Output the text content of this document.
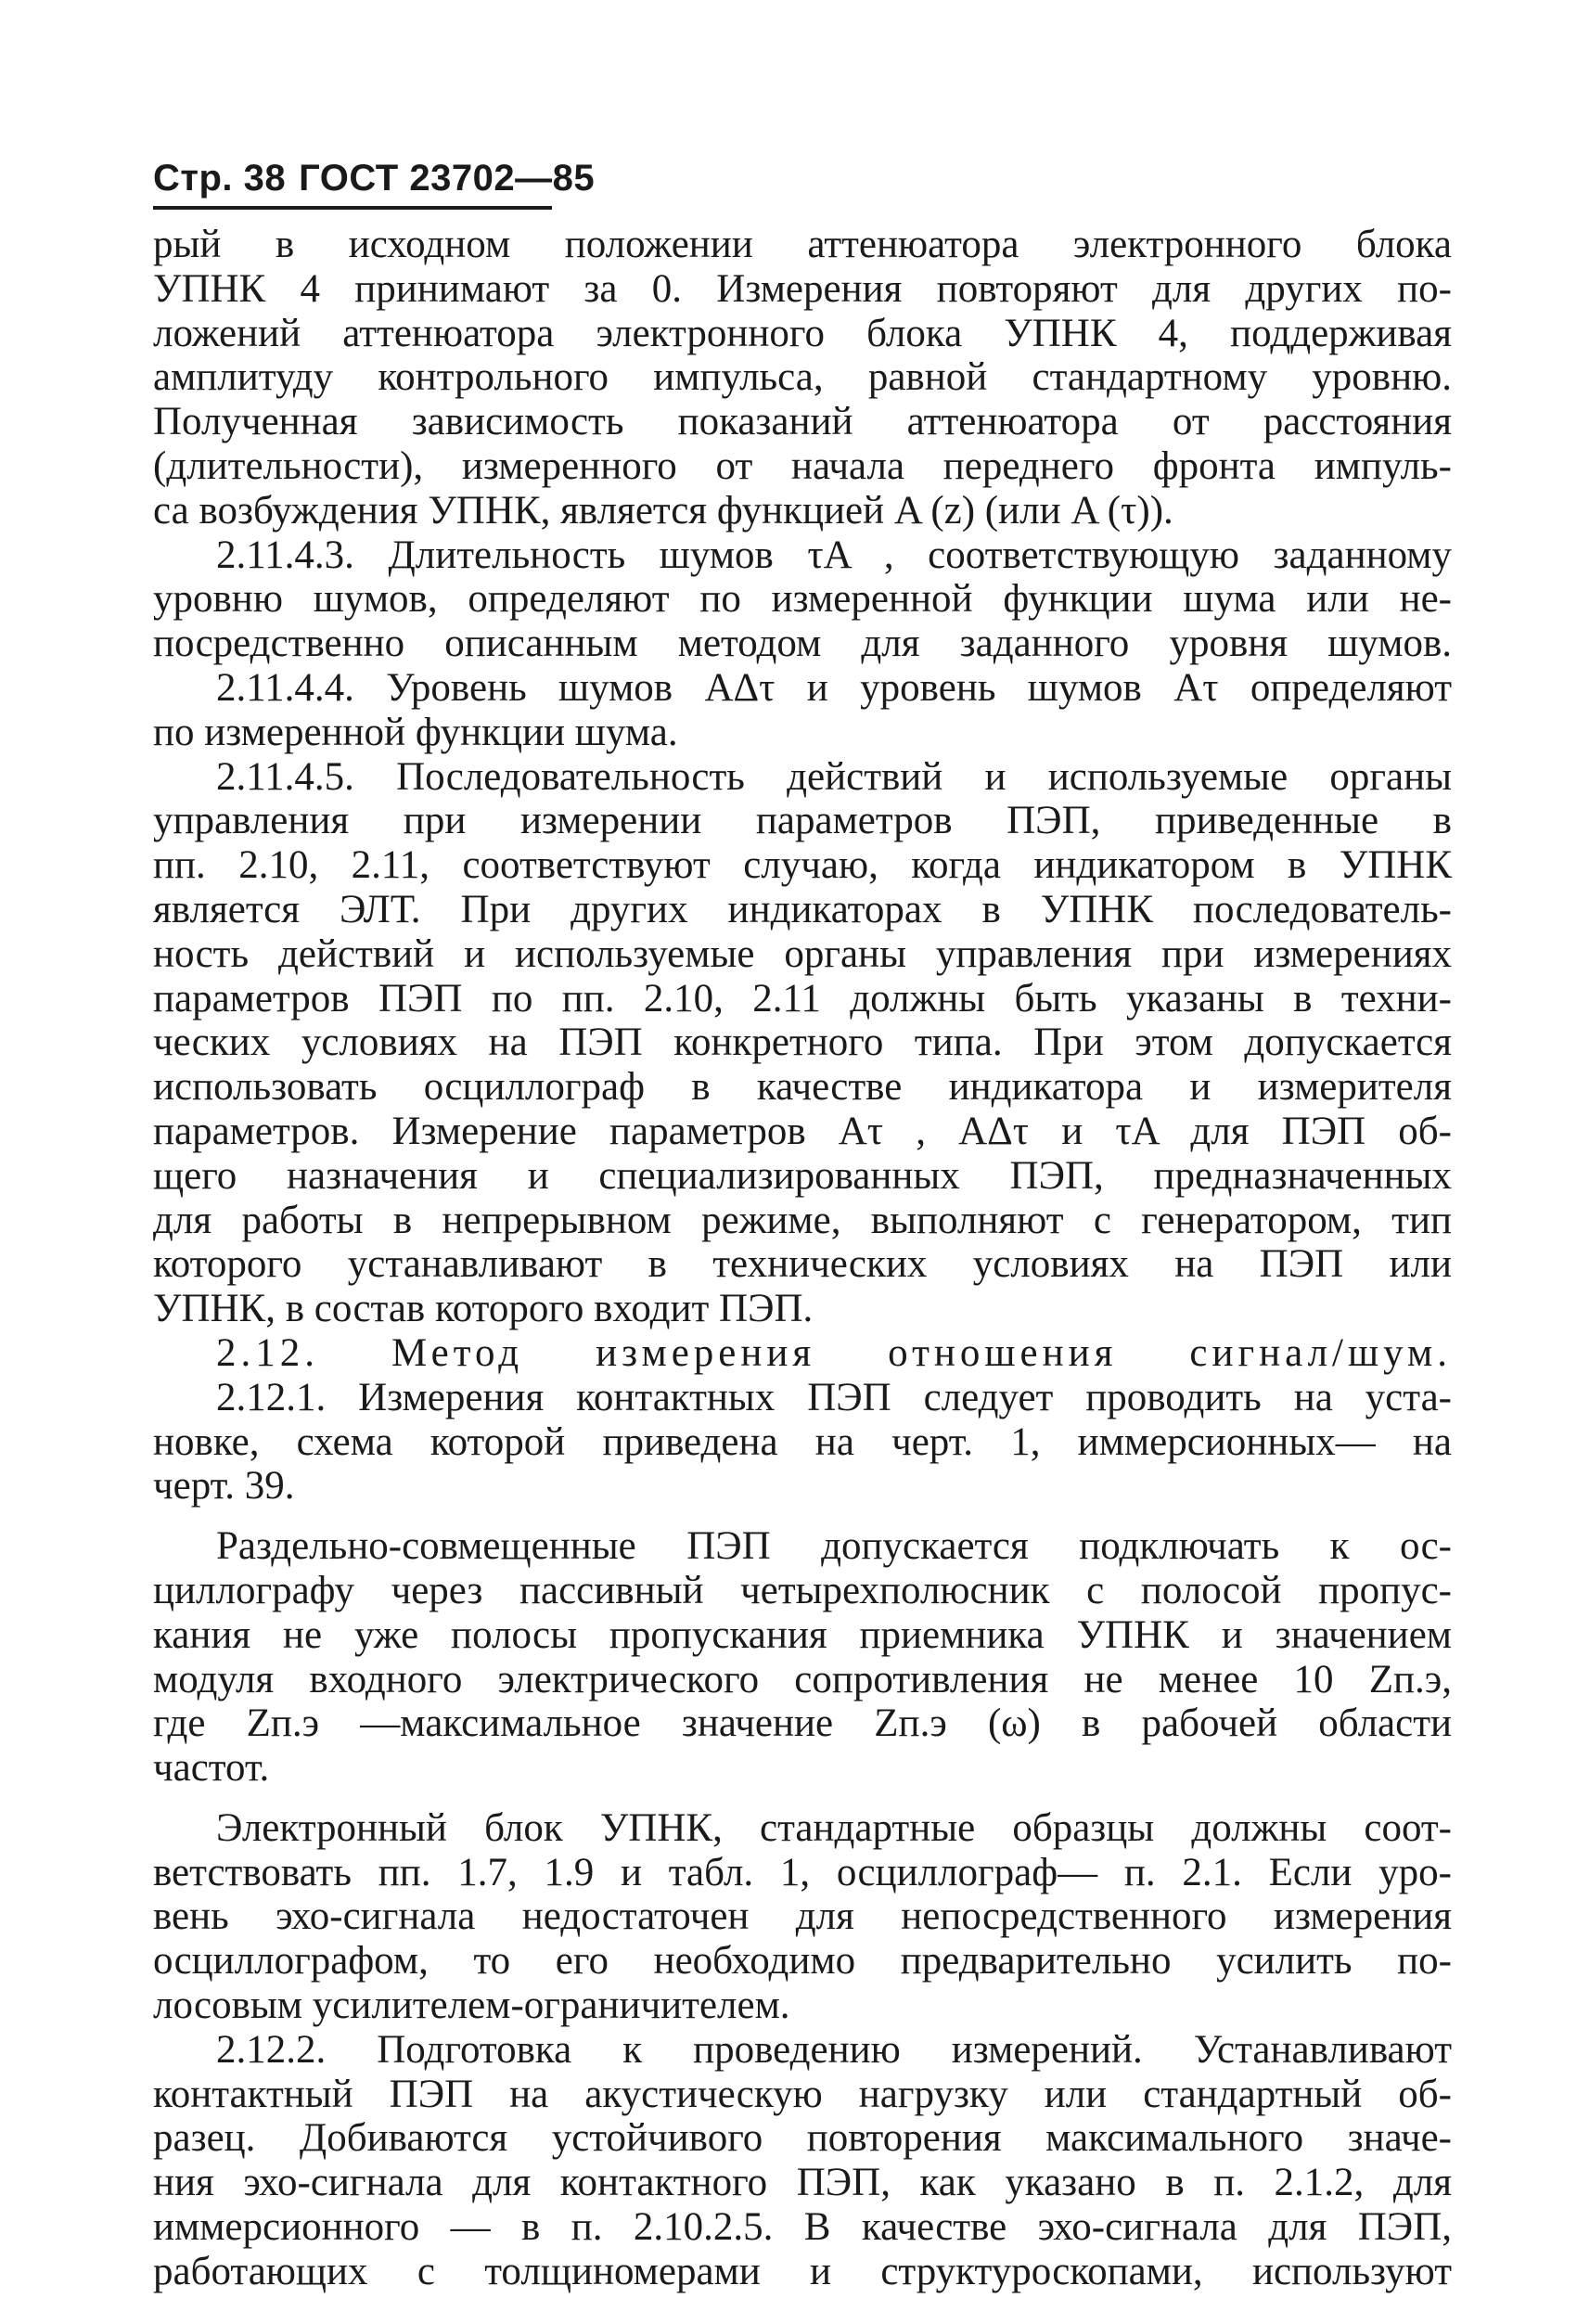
Стр. 38 ГОСТ 23702—85
рый в исходном положении аттенюатора электронного блока
УПНК 4 принимают за 0. Измерения повторяют для других по-
ложений аттенюатора электронного блока УПНК 4, поддерживая
амплитуду контрольного импульса, равной стандартному уровню.
Полученная зависимость показаний аттенюатора от расстояния
(длительности), измеренного от начала переднего фронта импуль-
са возбуждения УПНК, является функцией A (z) (или A (τ)).
2.11.4.3. Длительность шумов τA , соответствующую заданному
уровню шумов, определяют по измеренной функции шума или не-
посредственно описанным методом для заданного уровня шумов.
2.11.4.4. Уровень шумов AΔτ и уровень шумов Aτ определяют
по измеренной функции шума.
2.11.4.5. Последовательность действий и используемые органы
управления при измерении параметров ПЭП, приведенные в
пп. 2.10, 2.11, соответствуют случаю, когда индикатором в УПНК
является ЭЛТ. При других индикаторах в УПНК последователь-
ность действий и используемые органы управления при измерениях
параметров ПЭП по пп. 2.10, 2.11 должны быть указаны в техни-
ческих условиях на ПЭП конкретного типа. При этом допускается
использовать осциллограф в качестве индикатора и измерителя
параметров. Измерение параметров Aτ , AΔτ и τA для ПЭП об-
щего назначения и специализированных ПЭП, предназначенных
для работы в непрерывном режиме, выполняют с генератором, тип
которого устанавливают в технических условиях на ПЭП или
УПНК, в состав которого входит ПЭП.
2.12. Метод измерения отношения сигнал/шум.
2.12.1. Измерения контактных ПЭП следует проводить на уста-
новке, схема которой приведена на черт. 1, иммерсионных— на
черт. 39.
Раздельно-совмещенные ПЭП допускается подключать к ос-
циллографу через пассивный четырехполюсник с полосой пропус-
кания не уже полосы пропускания приемника УПНК и значением
модуля входного электрического сопротивления не менее 10 Zп.э,
где Zп.э —максимальное значение Zп.э (ω) в рабочей области
частот.
Электронный блок УПНК, стандартные образцы должны соот-
ветствовать пп. 1.7, 1.9 и табл. 1, осциллограф— п. 2.1. Если уро-
вень эхо-сигнала недостаточен для непосредственного измерения
осциллографом, то его необходимо предварительно усилить по-
лосовым усилителем-ограничителем.
2.12.2. Подготовка к проведению измерений. Устанавливают
контактный ПЭП на акустическую нагрузку или стандартный об-
разец. Добиваются устойчивого повторения максимального значе-
ния эхо-сигнала для контактного ПЭП, как указано в п. 2.1.2, для
иммерсионного — в п. 2.10.2.5. В качестве эхо-сигнала для ПЭП,
работающих с толщиномерами и структуроскопами, используют
